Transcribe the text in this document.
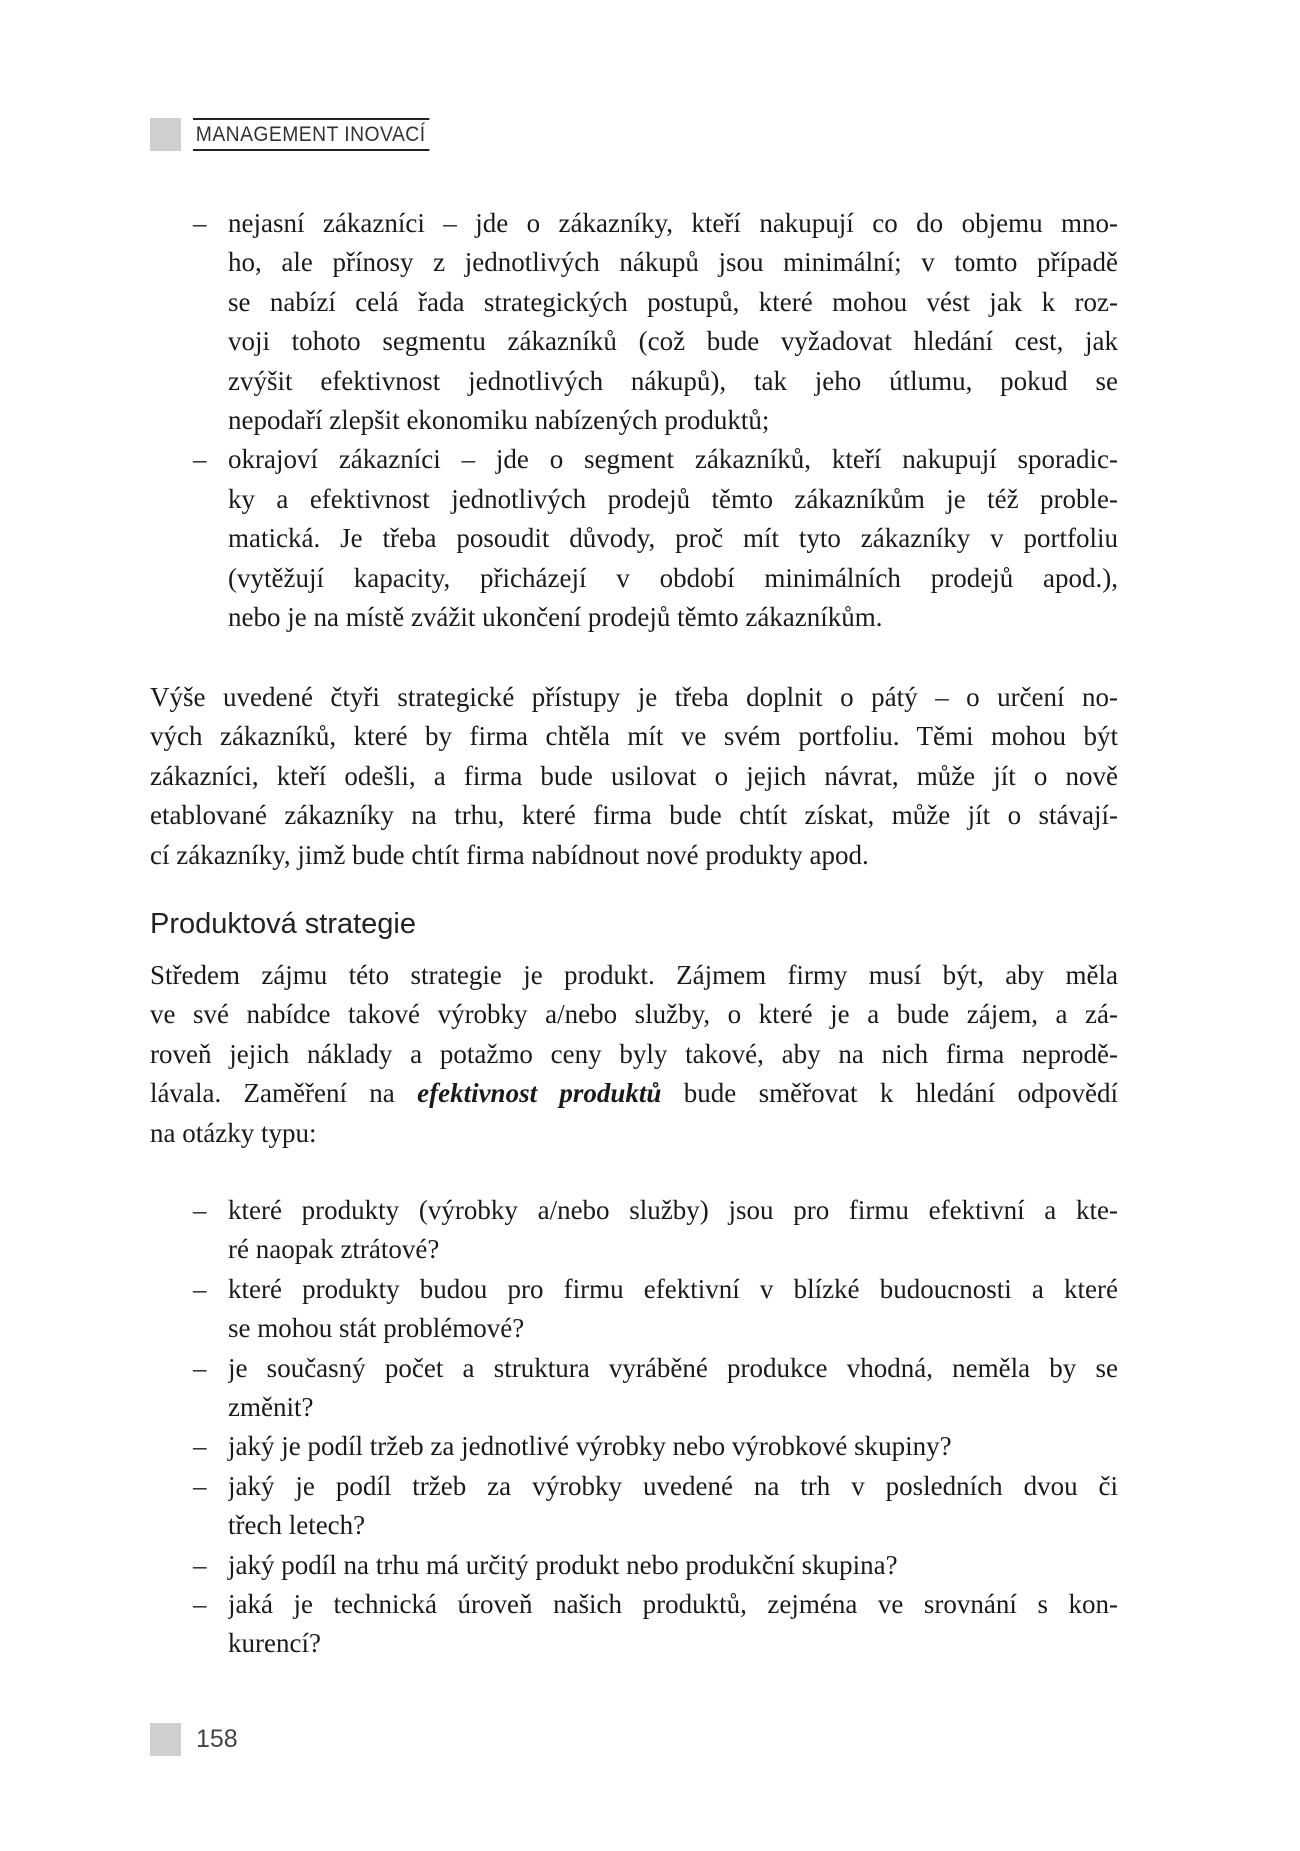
MANAGEMENT INOVACÍ
– nejasní zákazníci – jde o zákazníky, kteří nakupují co do objemu mno-
ho, ale přínosy z jednotlivých nákupů jsou minimální; v tomto případě
se nabízí celá řada strategických postupů, které mohou vést jak k roz-
voji tohoto segmentu zákazníků (což bude vyžadovat hledání cest, jak
zvýšit efektivnost jednotlivých nákupů), tak jeho útlumu, pokud se
nepodaří zlepšit ekonomiku nabízených produktů;
– okrajoví zákazníci – jde o segment zákazníků, kteří nakupují sporadic-
ky a efektivnost jednotlivých prodejů těmto zákazníkům je též proble-
matická. Je třeba posoudit důvody, proč mít tyto zákazníky v portfoliu
(vytěžují kapacity, přicházejí v období minimálních prodejů apod.),
nebo je na místě zvážit ukončení prodejů těmto zákazníkům.
Výše uvedené čtyři strategické přístupy je třeba doplnit o pátý – o určení no-
vých zákazníků, které by firma chtěla mít ve svém portfoliu. Těmi mohou být
zákazníci, kteří odešli, a firma bude usilovat o jejich návrat, může jít o nově
etablované zákazníky na trhu, které firma bude chtít získat, může jít o stávají-
cí zákazníky, jimž bude chtít firma nabídnout nové produkty apod.
Produktová strategie
Středem zájmu této strategie je produkt. Zájmem firmy musí být, aby měla
ve své nabídce takové výrobky a/nebo služby, o které je a bude zájem, a zá-
roveň jejich náklady a potažmo ceny byly takové, aby na nich firma neprodě-
lávala. Zaměření na efektivnost produktů bude směřovat k hledání odpovědí
na otázky typu:
– které produkty (výrobky a/nebo služby) jsou pro firmu efektivní a kte-
ré naopak ztrátové?
– které produkty budou pro firmu efektivní v blízké budoucnosti a které
se mohou stát problémové?
– je současný počet a struktura vyráběné produkce vhodná, neměla by se
změnit?
– jaký je podíl tržeb za jednotlivé výrobky nebo výrobkové skupiny?
– jaký je podíl tržeb za výrobky uvedené na trh v posledních dvou či
třech letech?
– jaký podíl na trhu má určitý produkt nebo produkční skupina?
– jaká je technická úroveň našich produktů, zejména ve srovnání s kon-
kurencí?
158
